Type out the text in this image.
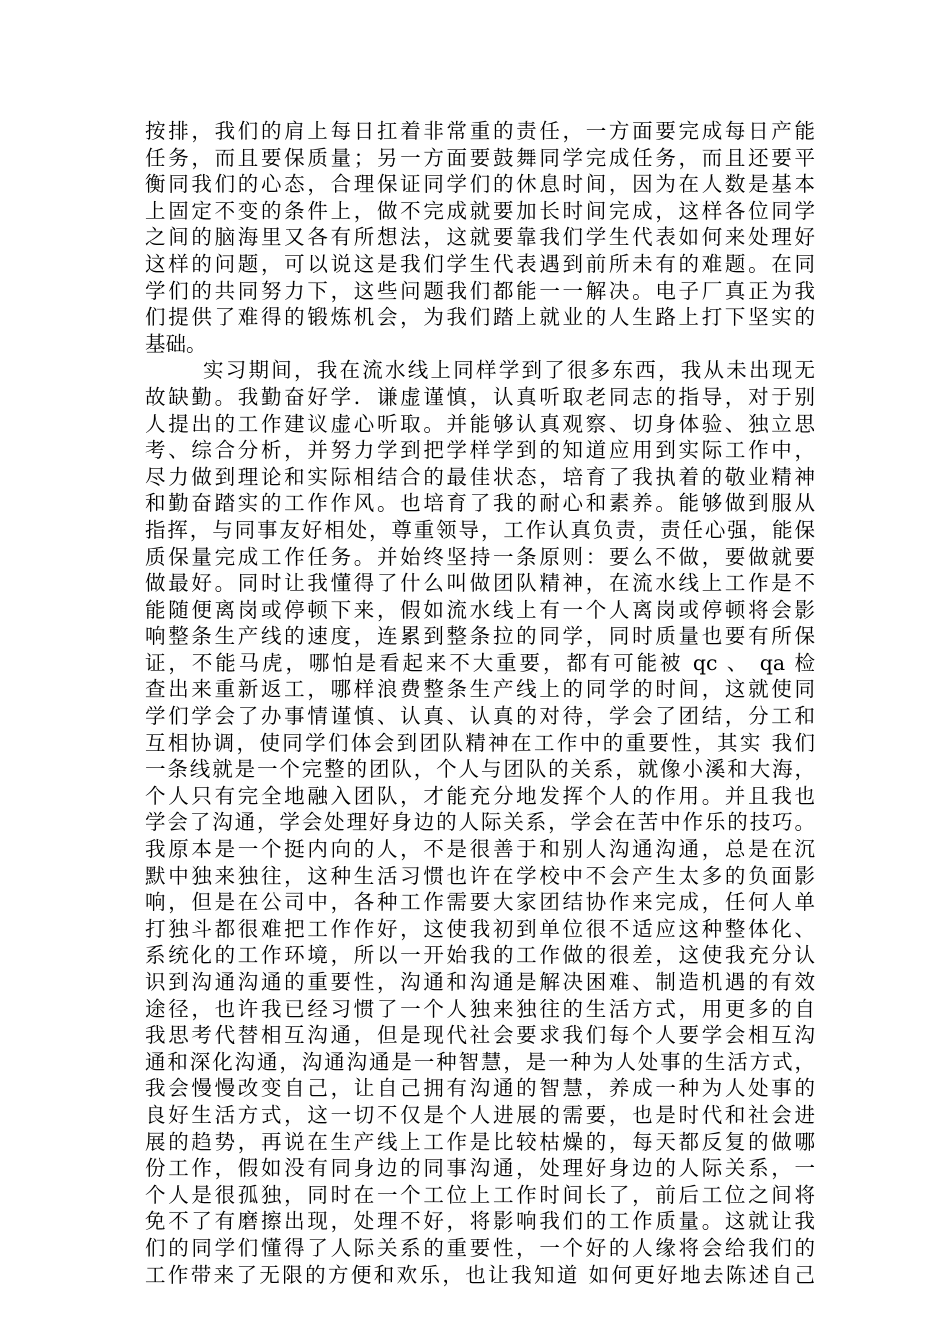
按排，我们的肩上每日扛着非常重的责任，一方面要完成每日产能
任务，而且要保质量；另一方面要鼓舞同学完成任务，而且还要平
衡同我们的心态，合理保证同学们的休息时间，因为在人数是基本
上固定不变的条件上，做不完成就要加长时间完成，这样各位同学
之间的脑海里又各有所想法，这就要靠我们学生代表如何来处理好
这样的问题，可以说这是我们学生代表遇到前所未有的难题。在同
学们的共同努力下，这些问题我们都能一一解决。电子厂真正为我
们提供了难得的锻炼机会，为我们踏上就业的人生路上打下坚实的
基础。
实习期间，我在流水线上同样学到了很多东西，我从未出现无
故缺勤。我勤奋好学．谦虚谨慎，认真听取老同志的指导，对于别
人提出的工作建议虚心听取。并能够认真观察、切身体验、独立思
考、综合分析，并努力学到把学样学到的知道应用到实际工作中，
尽力做到理论和实际相结合的最佳状态，培育了我执着的敬业精神
和勤奋踏实的工作作风。也培育了我的耐心和素养。能够做到服从
指挥，与同事友好相处，尊重领导，工作认真负责，责任心强，能保
质保量完成工作任务。并始终坚持一条原则：要么不做，要做就要
做最好。同时让我懂得了什么叫做团队精神，在流水线上工作是不
能随便离岗或停顿下来，假如流水线上有一个人离岗或停顿将会影
响整条生产线的速度，连累到整条拉的同学，同时质量也要有所保
证，不能马虎，哪怕是看起来不大重要，都有可能被 qc 、 qa 检
查出来重新返工，哪样浪费整条生产线上的同学的时间，这就使同
学们学会了办事情谨慎、认真、认真的对待，学会了团结，分工和
互相协调，使同学们体会到团队精神在工作中的重要性，其实 我们
一条线就是一个完整的团队，个人与团队的关系，就像小溪和大海，
个人只有完全地融入团队，才能充分地发挥个人的作用。并且我也
学会了沟通，学会处理好身边的人际关系，学会在苦中作乐的技巧。
我原本是一个挺内向的人，不是很善于和别人沟通沟通，总是在沉
默中独来独往，这种生活习惯也许在学校中不会产生太多的负面影
响，但是在公司中，各种工作需要大家团结协作来完成，任何人单
打独斗都很难把工作作好，这使我初到单位很不适应这种整体化、
系统化的工作环境，所以一开始我的工作做的很差，这使我充分认
识到沟通沟通的重要性，沟通和沟通是解决困难、制造机遇的有效
途径，也许我已经习惯了一个人独来独往的生活方式，用更多的自
我思考代替相互沟通，但是现代社会要求我们每个人要学会相互沟
通和深化沟通，沟通沟通是一种智慧，是一种为人处事的生活方式，
我会慢慢改变自己，让自己拥有沟通的智慧，养成一种为人处事的
良好生活方式，这一切不仅是个人进展的需要，也是时代和社会进
展的趋势，再说在生产线上工作是比较枯燥的，每天都反复的做哪
份工作，假如没有同身边的同事沟通，处理好身边的人际关系，一
个人是很孤独，同时在一个工位上工作时间长了，前后工位之间将
免不了有磨擦出现，处理不好，将影响我们的工作质量。这就让我
们的同学们懂得了人际关系的重要性，一个好的人缘将会给我们的
工作带来了无限的方便和欢乐，也让我知道 如何更好地去陈述自己
